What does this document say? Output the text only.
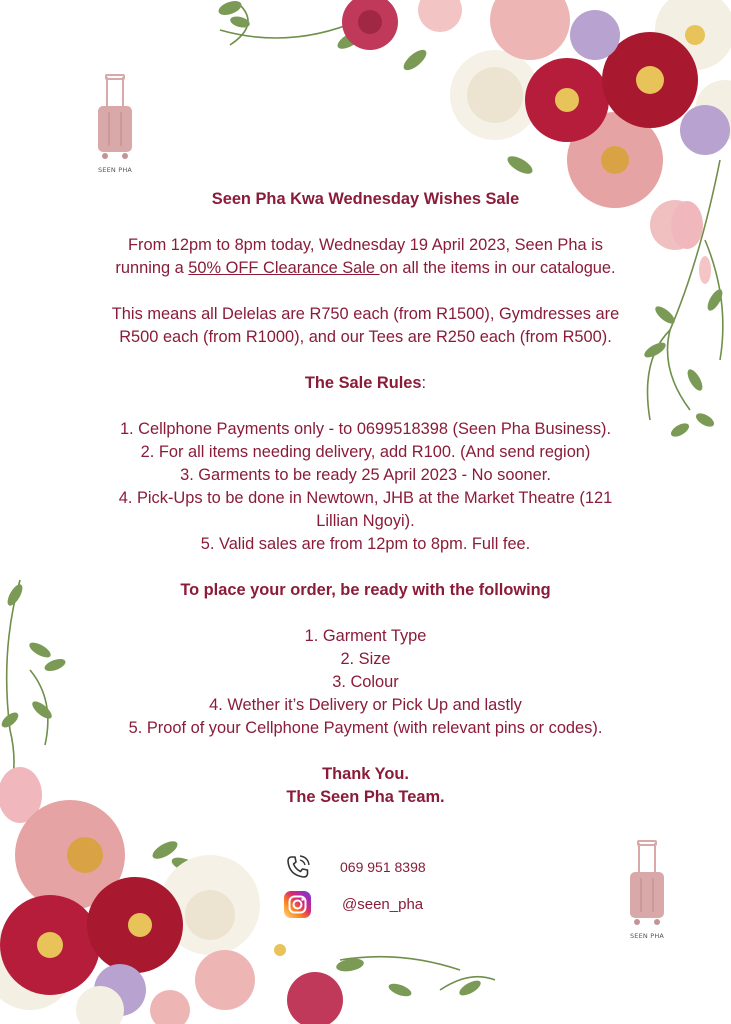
SEEN PHA

Seen Pha Kwa Wednesday Wishes Sale

From 12pm to 8pm today, Wednesday 19 April 2023, Seen Pha is

running a 50% OFF Clearance Sale on all the items in our catalogue.

This means all Delelas are R750 each (from R1500), Gymdresses are

R500 each (from R1000), and our Tees are R250 each (from R500).

The Sale Rules:

1. Cellphone Payments only - to 0699518398 (Seen Pha Business).

2. For all items needing delivery, add R100. (And send region)

3. Garments to be ready 25 April 2023 - No sooner.

4. Pick-Ups to be done in Newtown, JHB at the Market Theatre (121

Lillian Ngoyi).

5. Valid sales are from 12pm to 8pm. Full fee.

To place your order, be ready with the following

1. Garment Type

2. Size

3. Colour

4. Wether it’s Delivery or Pick Up and lastly

5. Proof of your Cellphone Payment (with relevant pins or codes).

Thank You.

The Seen Pha Team.

069 951 8398
@seen_pha
SEEN PHA
